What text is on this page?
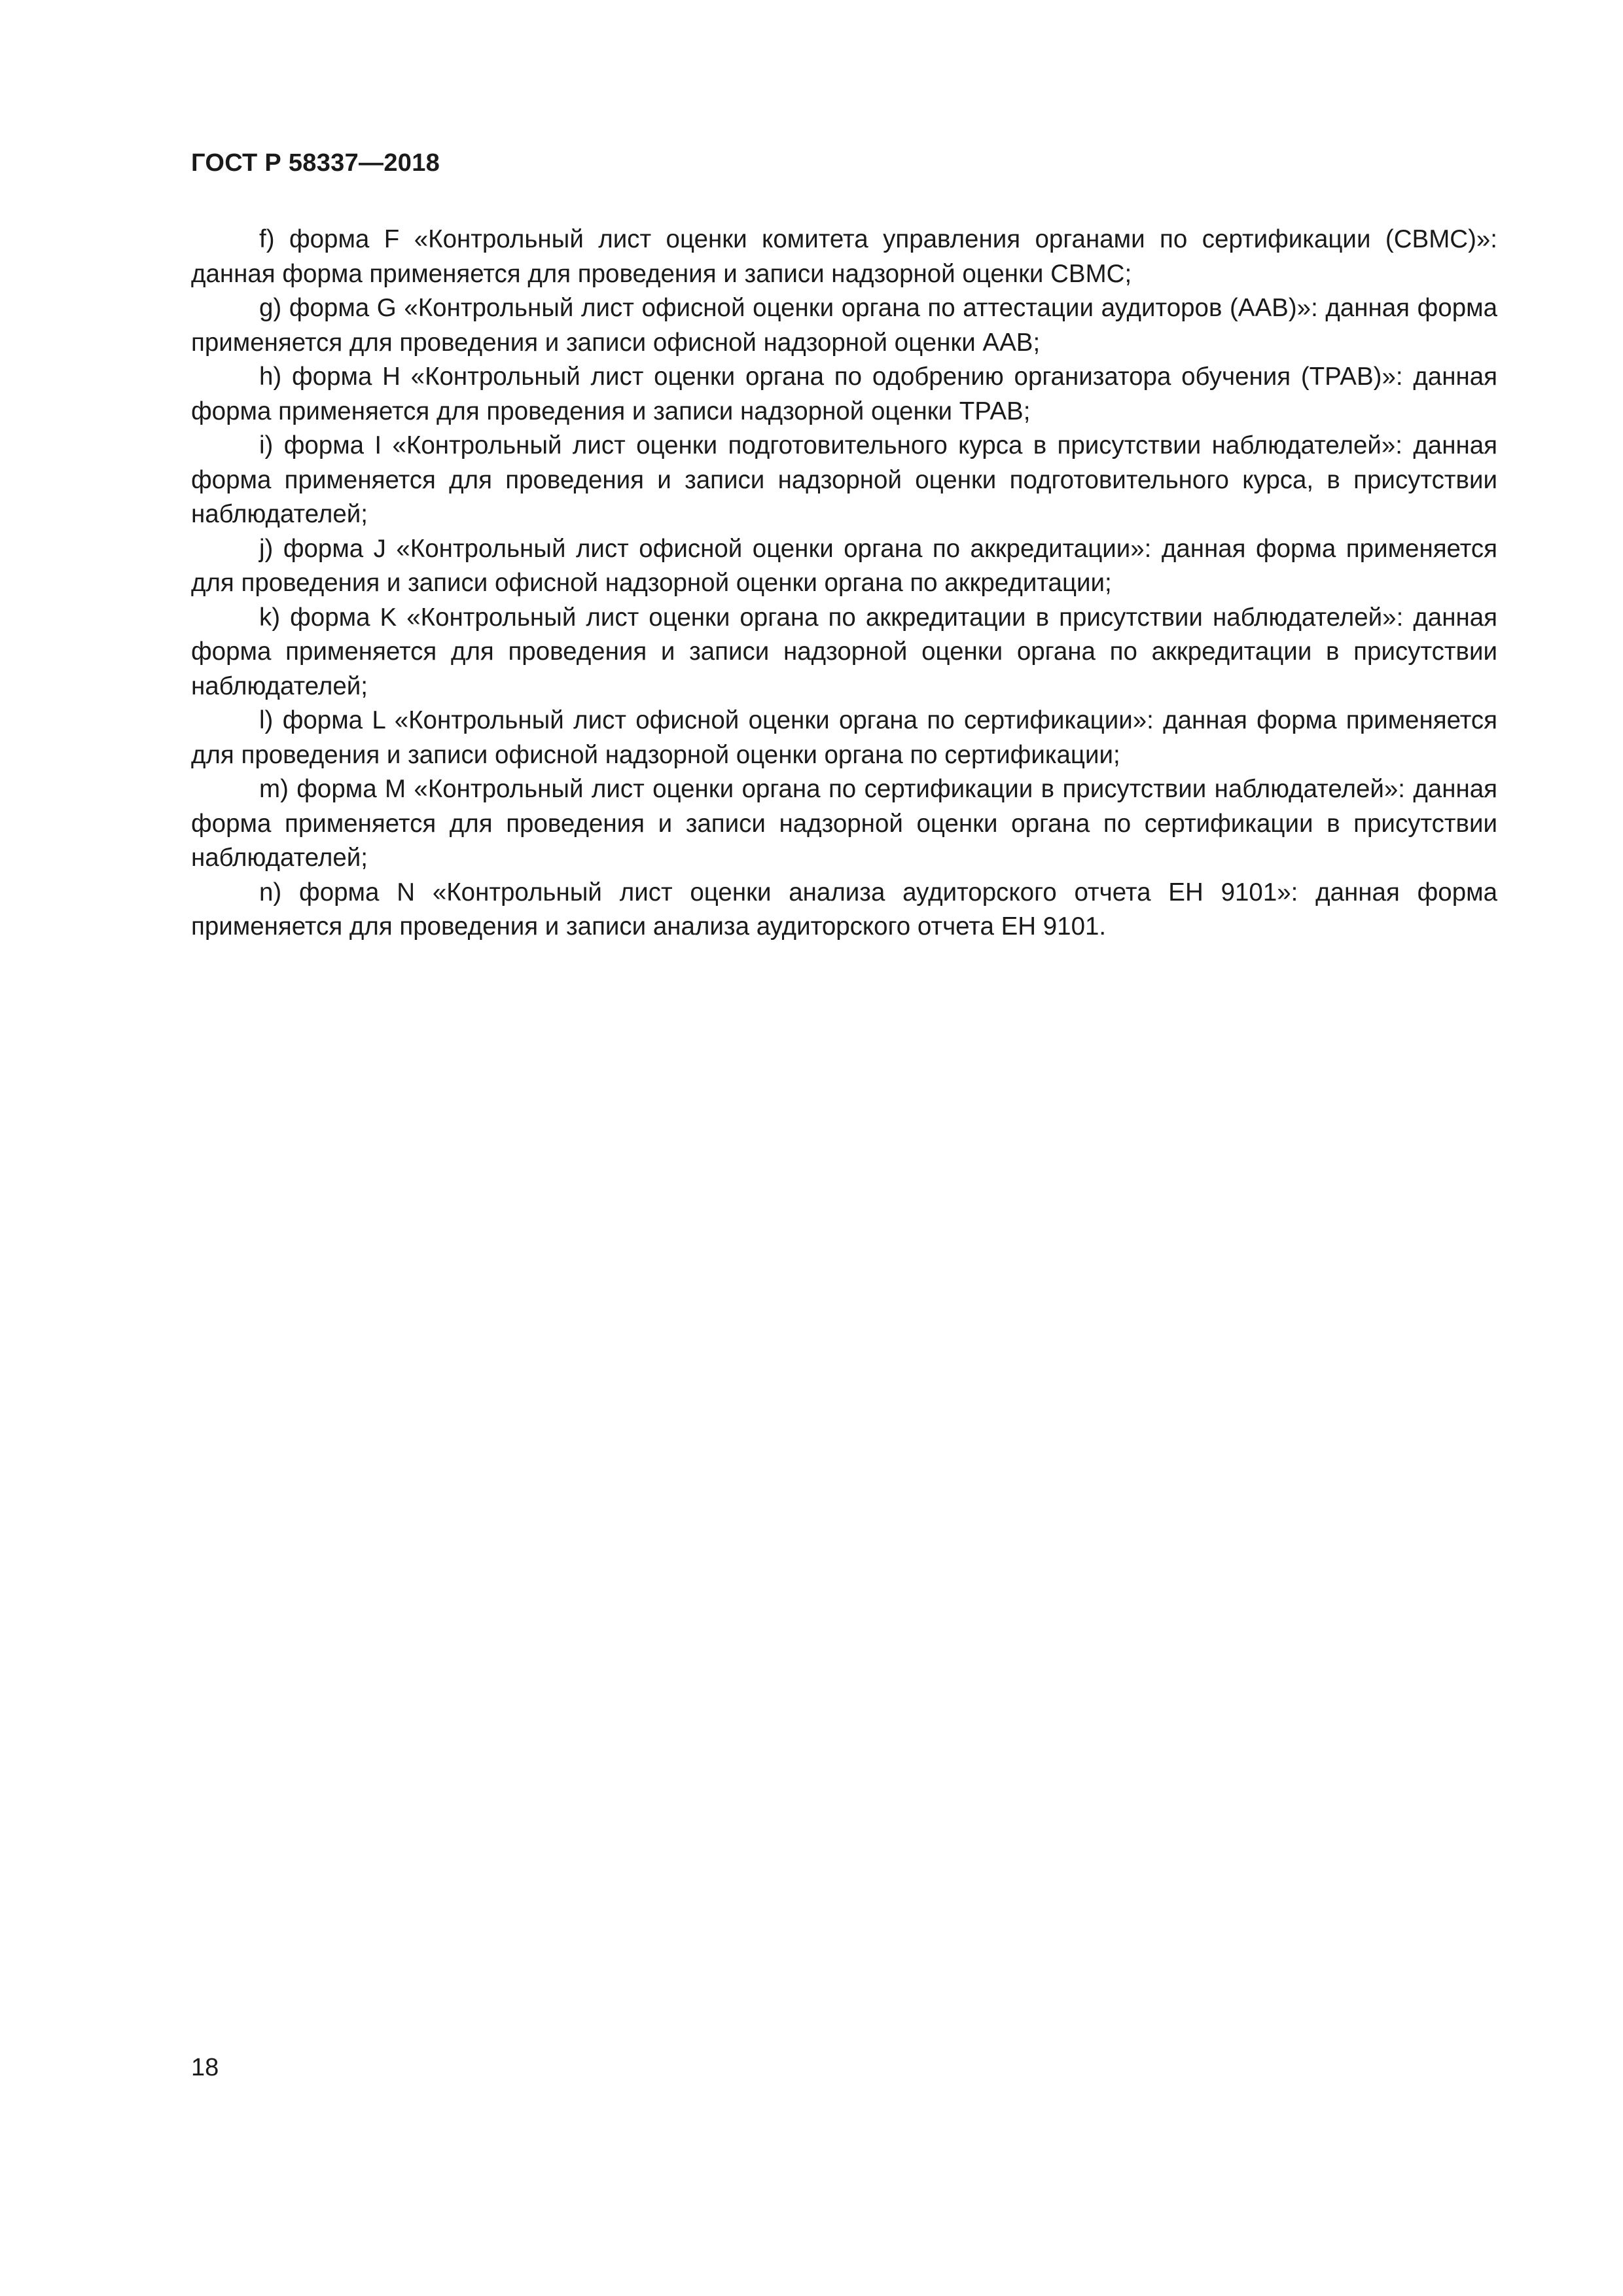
ГОСТ Р 58337—2018

f) форма F «Контрольный лист оценки комитета управления органами по сертификации (СВМС)»: данная форма применяется для проведения и записи надзорной оценки СВМС;

g) форма G «Контрольный лист офисной оценки органа по аттестации аудиторов (ААВ)»: данная форма применяется для проведения и записи офисной надзорной оценки ААВ;

h) форма H «Контрольный лист оценки органа по одобрению организатора обучения (ТРАВ)»: данная форма применяется для проведения и записи надзорной оценки ТРАВ;

i) форма I «Контрольный лист оценки подготовительного курса в присутствии наблюдателей»: данная форма применяется для проведения и записи надзорной оценки подготовительного курса, в присутствии наблюдателей;

j) форма J «Контрольный лист офисной оценки органа по аккредитации»: данная форма применяется для проведения и записи офисной надзорной оценки органа по аккредитации;

k) форма K «Контрольный лист оценки органа по аккредитации в присутствии наблюдателей»: данная форма применяется для проведения и записи надзорной оценки органа по аккредитации в присутствии наблюдателей;

l) форма L «Контрольный лист офисной оценки органа по сертификации»: данная форма применяется для проведения и записи офисной надзорной оценки органа по сертификации;

m) форма M «Контрольный лист оценки органа по сертификации в присутствии наблюдателей»: данная форма применяется для проведения и записи надзорной оценки органа по сертификации в присутствии наблюдателей;

n) форма N «Контрольный лист оценки анализа аудиторского отчета ЕН 9101»: данная форма применяется для проведения и записи анализа аудиторского отчета ЕН 9101.

18
